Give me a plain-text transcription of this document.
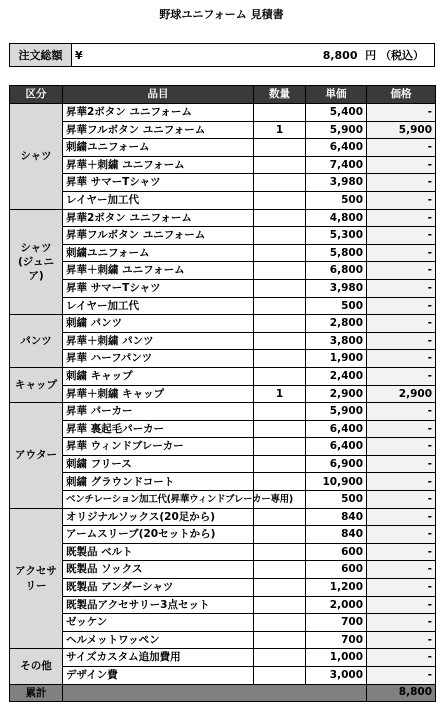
野球ユニフォーム 見積書
注文総額	¥	8,800 円 （税込）
区分	品目	数量	単価	価格
シャツ	昇華2ボタン ユニフォーム		5,400	-
	昇華フルボタン ユニフォーム	1	5,900	5,900
	刺繍ユニフォーム		6,400	-
	昇華＋刺繍 ユニフォーム		7,400	-
	昇華 サマーTシャツ		3,980	-
	レイヤー加工代		500	-
シャツ (ジュニア)	昇華2ボタン ユニフォーム		4,800	-
	昇華フルボタン ユニフォーム		5,300	-
	刺繍ユニフォーム		5,800	-
	昇華＋刺繍 ユニフォーム		6,800	-
	昇華 サマーTシャツ		3,980	-
	レイヤー加工代		500	-
パンツ	刺繍 パンツ		2,800	-
	昇華＋刺繍 パンツ		3,800	-
	昇華 ハーフパンツ		1,900	-
キャップ	刺繍 キャップ		2,400	-
	昇華＋刺繍 キャップ	1	2,900	2,900
アウター	昇華 パーカー		5,900	-
	昇華 裏起毛パーカー		6,400	-
	昇華 ウィンドブレーカー		6,400	-
	刺繍 フリース		6,900	-
	刺繍 グラウンドコート		10,900	-
	ベンチレーション加工代(昇華ウィンドブレーカー専用)		500	-
アクセサリー	オリジナルソックス(20足から)		840	-
	アームスリーブ(20セットから)		840	-
	既製品 ベルト		600	-
	既製品 ソックス		600	-
	既製品 アンダーシャツ		1,200	-
	既製品アクセサリー3点セット		2,000	-
	ゼッケン		700	-
	ヘルメットワッペン		700	-
その他	サイズカスタム追加費用		1,000	-
	デザイン費		3,000	-
累計				8,800
